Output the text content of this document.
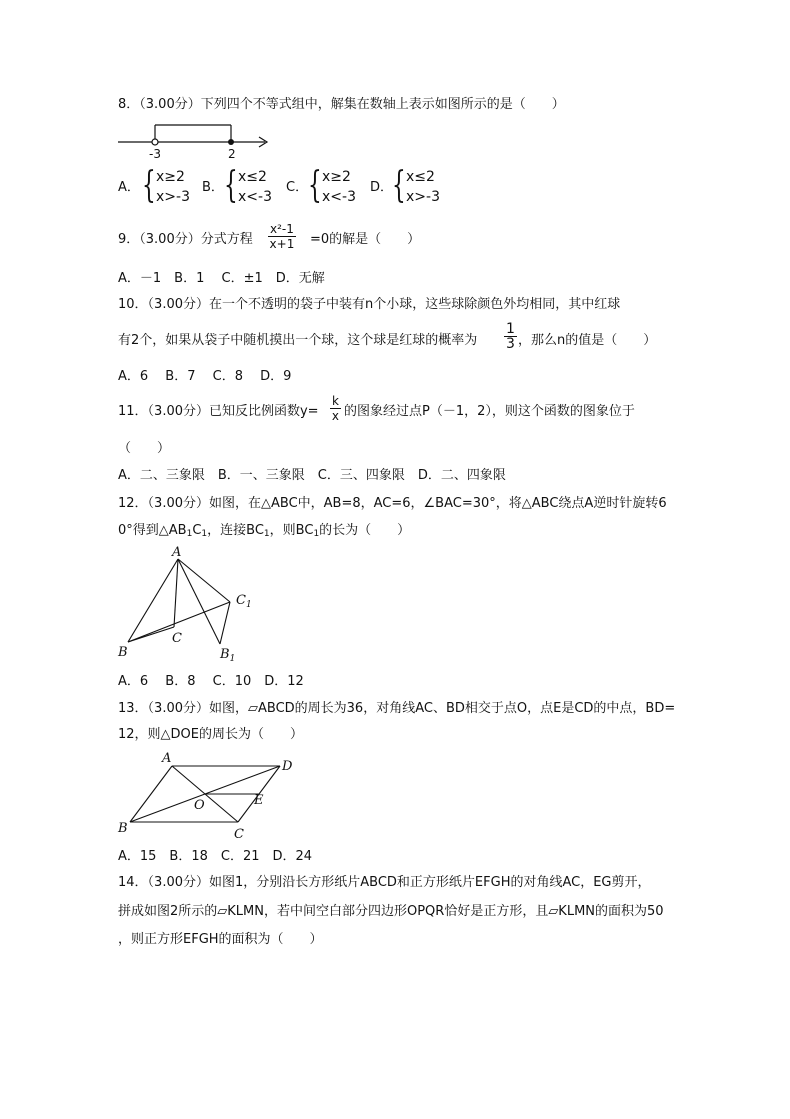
8．（3.00分）下列四个不等式组中，解集在数轴上表示如图所示的是（　　）
-3	2
A． { x≥2
x>-3
B． { x≤2
x<-3
C． { x≥2
x<-3
D．
{ x≤2
x>-3
9．（3.00分）分式方程 $\frac{\text{x²-1}}{x+1} =0$的解是（　　）
A．－1　B．1　 C．±1　D．无解
10．（3.00分）在一个不透明的袋子中装有n个小球，这些球除颜色外均相同，其中红球
有2个，如果从袋子中随机摸出一个球，这个球是红球的概率为 $\frac{1}{3}$ ，那么n的值是（　　）
A．6　 B．7　 C．8　 D．9
11．（3.00分）已知反比例函数$y= \frac{k}{x}$ 的图象经过点P（－1，2），则这个函数的图象位于
（　　）
A．二、三象限　B．一、三象限　C．三、四象限　D．二、四象限
12．（3.00分）如图，在△ABC中，AB=8，AC=6，∠BAC=30°，将△ABC绕点A逆时针旋转6
0°得到$\triangle AB_1C_1$，连接$BC_1$，则$BC_1$的长为（　　）
A
B
C
$C_1$
$B_1$
A．6　 B．8　 C．10　D．12
13．（3.00分）如图，▱ABCD的周长为36，对角线AC、BD相交于点O，点E是CD的中点，BD=
12，则△DOE的周长为（　　）
A
D
B	C
O	E
A．15　B．18　C．21　D．24
14．（3.00分）如图1，分别沿长方形纸片ABCD和正方形纸片EFGH的对角线AC，EG剪开，
拼成如图2所示的▱KLMN，若中间空白部分四边形OPQR恰好是正方形，且▱KLMN的面积为50
，则正方形EFGH的面积为（　　）
